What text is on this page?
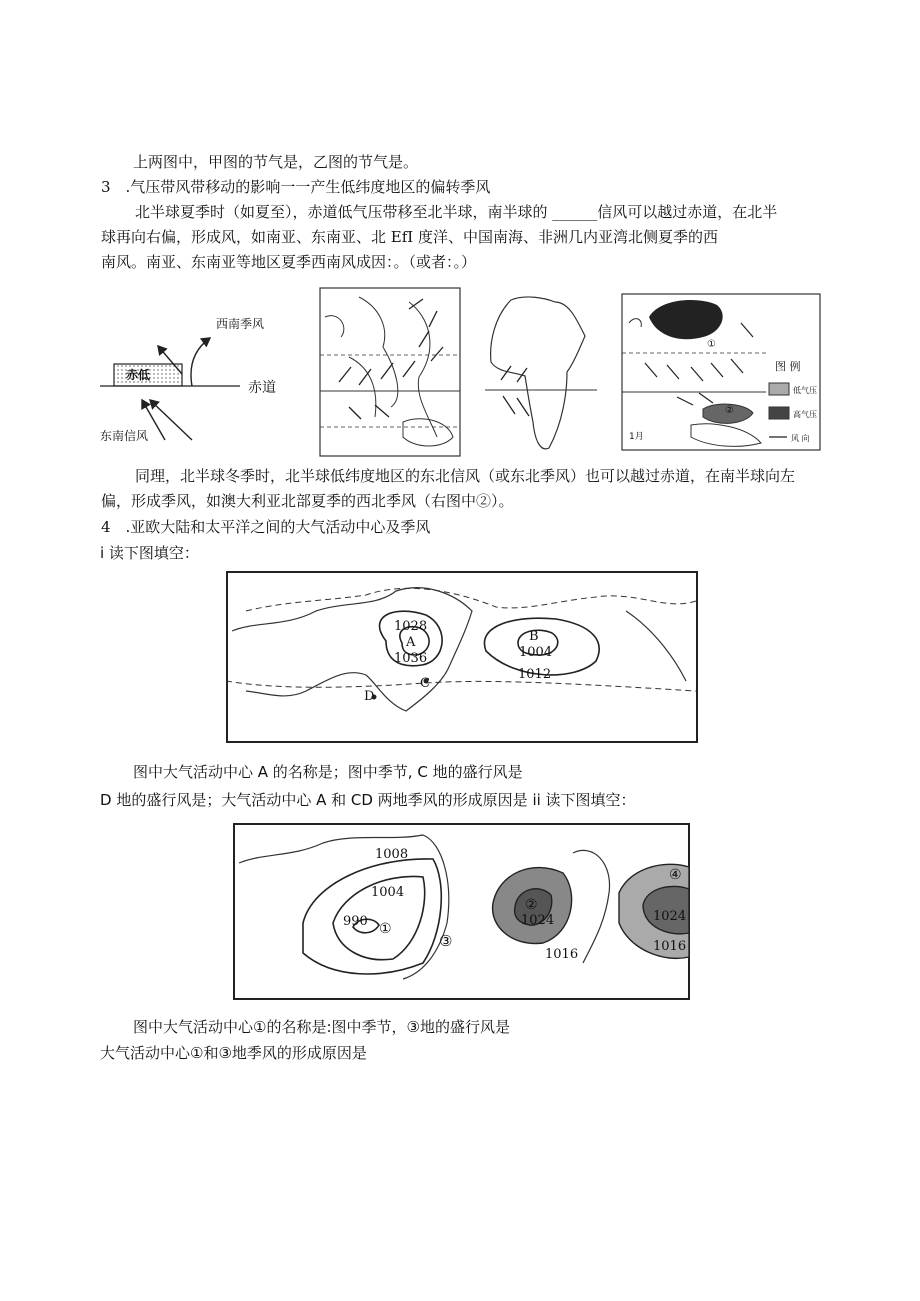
上两图中，甲图的节气是，乙图的节气是。
3　.气压带风带移动的影响一一产生低纬度地区的偏转季风
北半球夏季时（如夏至），赤道低气压带移至北半球，南半球的 ______信风可以越过赤道，在北半
球再向右偏，形成风，如南亚、东南亚、北 EfI 度洋、中国南海、非洲几内亚湾北侧夏季的西
南风。南亚、东南亚等地区夏季西南风成因：。（或者：。）
西南季风
赤低
赤道
东南信风
图 例
低气压
高气压
风 向
1月
①
②
同理，北半球冬季时，北半球低纬度地区的东北信风（或东北季风）也可以越过赤道，在南半球向左
偏，形成季风，如澳大利亚北部夏季的西北季风（右图中②）。
4　.亚欧大陆和太平洋之间的大气活动中心及季风
i 读下图填空：
1028
A
1036
B
1004
1012
C
D
图中大气活动中心 A 的名称是；图中季节, C 地的盛行风是
D 地的盛行风是；大气活动中心 A 和 CD 两地季风的形成原因是 ii 读下图填空：
1008
1004
990 ①
③
②
1024
1016
④
1024
1016
图中大气活动中心①的名称是:图中季节，③地的盛行风是
大气活动中心①和③地季风的形成原因是
